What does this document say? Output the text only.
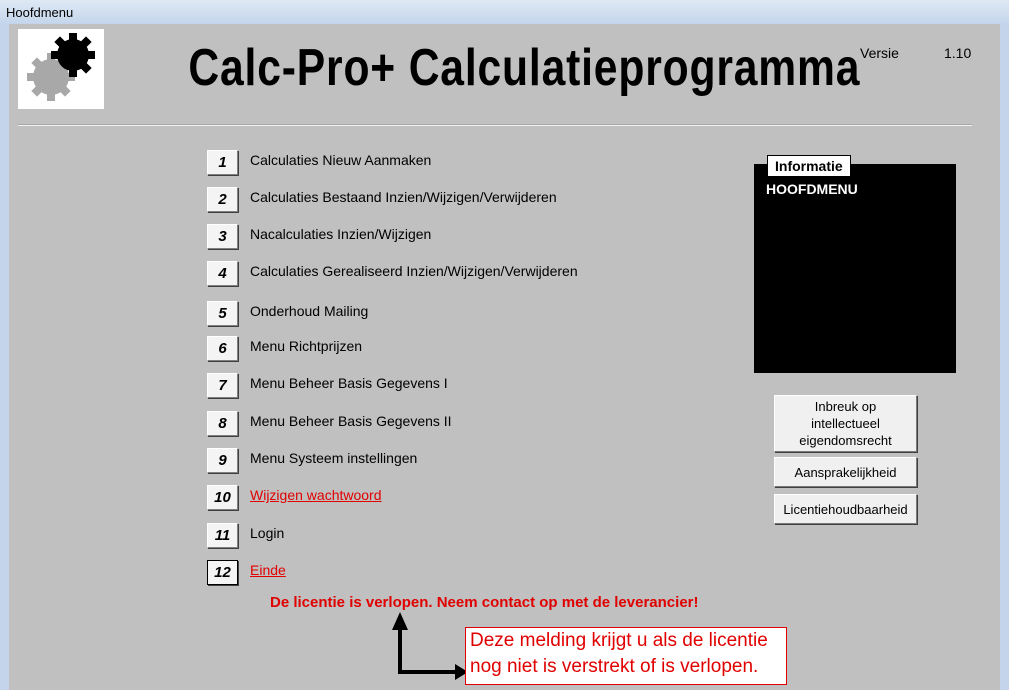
Hoofdmenu
Calc-Pro+ Calculatieprogramma Versie	1.10
1	Calculaties Nieuw Aanmaken
2	Calculaties Bestaand Inzien/Wijzigen/Verwijderen
3	Nacalculaties Inzien/Wijzigen
4	Calculaties Gerealiseerd Inzien/Wijzigen/Verwijderen
5	Onderhoud Mailing
6	Menu Richtprijzen
7	Menu Beheer Basis Gegevens I
8	Menu Beheer Basis Gegevens II
9	Menu Systeem instellingen
10	Wijzigen wachtwoord
11	Login
12	Einde
Informatie
HOOFDMENU
Inbreuk op
intellectueel
eigendomsrecht
Aansprakelijkheid
Licentiehoudbaarheid
De licentie is verlopen. Neem contact op met de leverancier!
Deze melding krijgt u als de licentie
nog niet is verstrekt of is verlopen.
